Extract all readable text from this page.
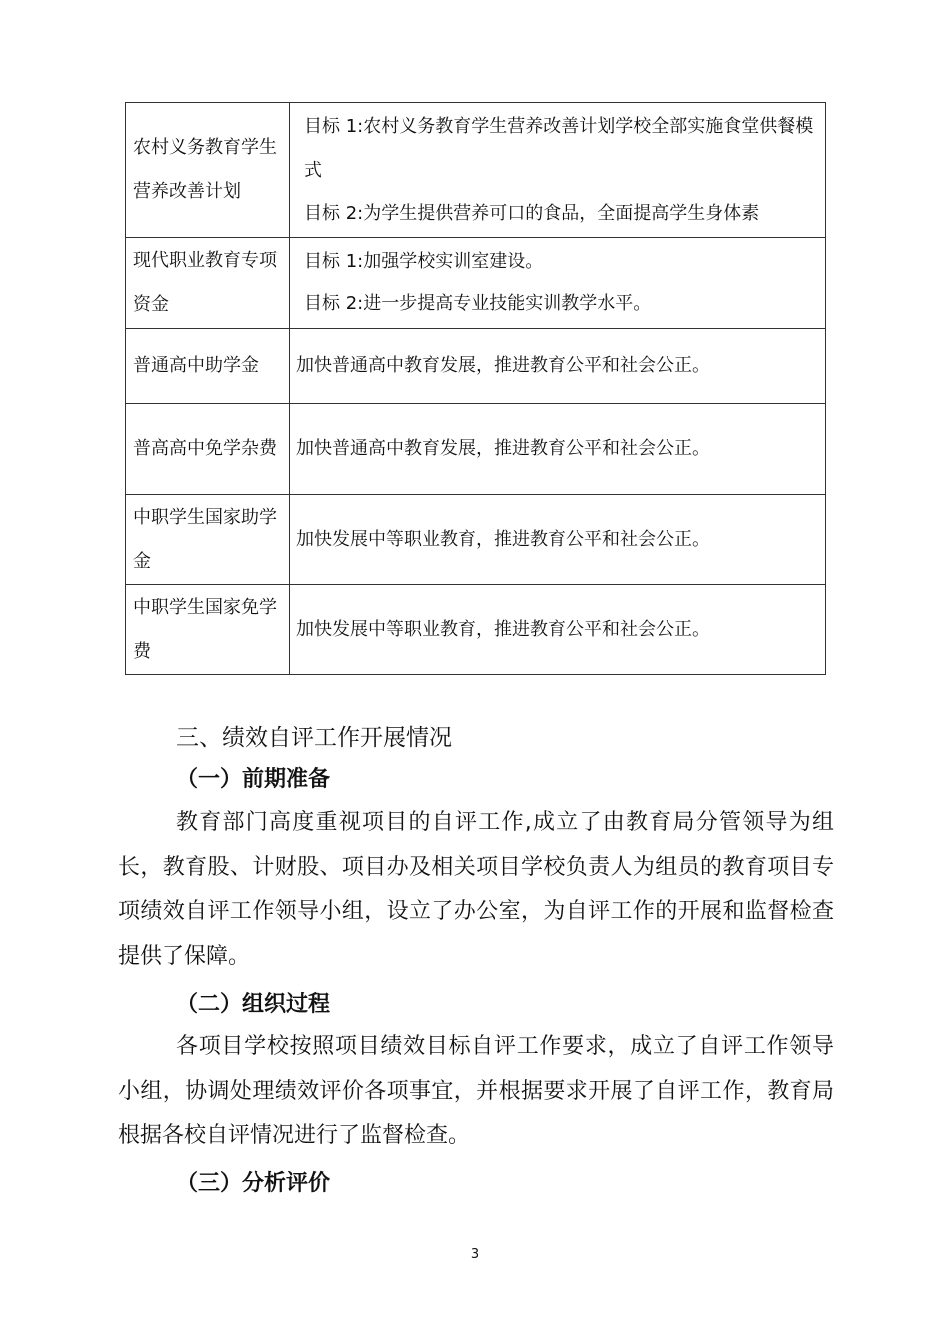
农村义务教育学生营养改善计划	目标 1:农村义务教育学生营养改善计划学校全部实施食堂供餐模式
目标 2:为学生提供营养可口的食品，全面提高学生身体素

现代职业教育专项资金	目标 1:加强学校实训室建设。
目标 2:进一步提高专业技能实训教学水平。

普通高中助学金	加快普通高中教育发展，推进教育公平和社会公正。

普高高中免学杂费	加快普通高中教育发展，推进教育公平和社会公正。

中职学生国家助学金	加快发展中等职业教育，推进教育公平和社会公正。

中职学生国家免学费	加快发展中等职业教育，推进教育公平和社会公正。
三、绩效自评工作开展情况
（一）前期准备

教育部门高度重视项目的自评工作,成立了由教育局分管领导为组长，教育股、计财股、项目办及相关项目学校负责人为组员的教育项目专项绩效自评工作领导小组，设立了办公室，为自评工作的开展和监督检查提供了保障。

（二）组织过程

各项目学校按照项目绩效目标自评工作要求，成立了自评工作领导小组，协调处理绩效评价各项事宜，并根据要求开展了自评工作，教育局根据各校自评情况进行了监督检查。

（三）分析评价
3
